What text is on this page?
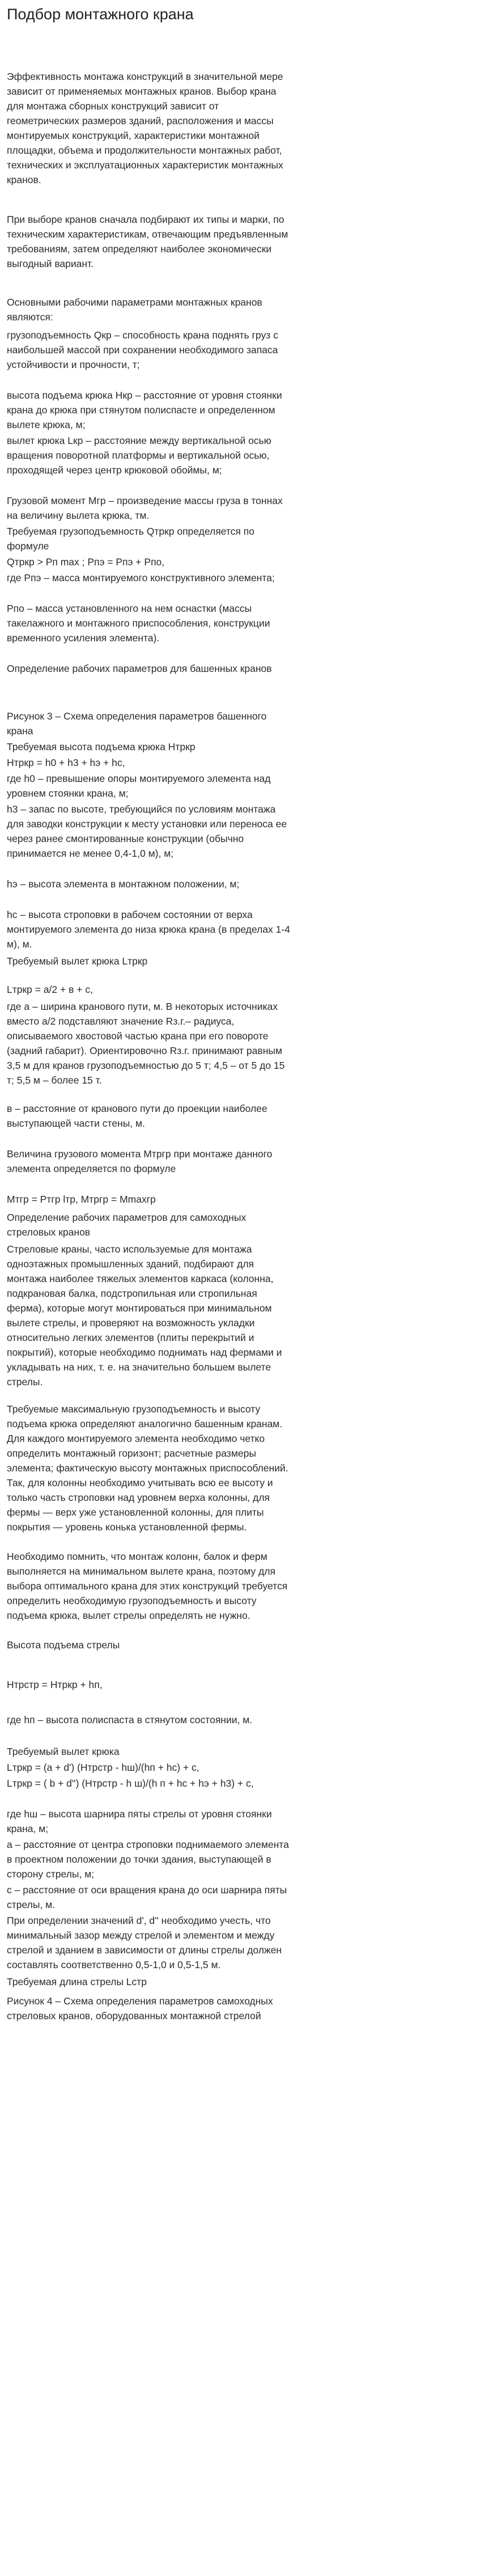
Подбор монтажного крана

Эффективность монтажа конструкций в значительной мере зависит от применяемых монтажных кранов. Выбор крана для монтажа сборных конструкций зависит от геометрических размеров зданий, расположения и массы монтируемых конструкций, характеристики монтажной площадки, объема и продолжительности монтажных работ, технических и эксплуатационных характеристик монтажных кранов.

При выборе кранов сначала подбирают их типы и марки, по техническим характеристикам, отвечающим предъявленным требованиям, затем определяют наиболее экономически выгодный вариант.

Основными рабочими параметрами монтажных кранов являются:

грузоподъемность Qкр – способность крана поднять груз с наибольшей массой при сохранении необходимого запаса устойчивости и прочности, т;

высота подъема крюка Нкр – расстояние от уровня стоянки крана до крюка при стянутом полиспасте и определенном вылете крюка, м;

вылет крюка Lкр – расстояние между вертикальной осью вращения поворотной платформы и вертикальной осью, проходящей через центр крюковой обоймы, м;

Грузовой момент Мгр – произведение массы груза в тоннах на величину вылета крюка, тм.

Требуемая грузоподъемность Qтркр определяется по формуле

Qтркр > Pп max ; Pпэ = Pпэ + Pпо,

где Рпэ – масса монтируемого конструктивного элемента;

Рпо – масса установленного на нем оснастки (массы такелажного и монтажного приспособления, конструкции временного усиления элемента).

Определение рабочих параметров для башенных кранов

Рисунок 3 – Схема определения параметров башенного крана

Требуемая высота подъема крюка Нтркр

Нтркр = h0 + h3 + hэ + hс,

где h0 – превышение опоры монтируемого элемента над уровнем стоянки крана, м;

h3 – запас по высоте, требующийся по условиям монтажа для заводки конструкции к месту установки или переноса ее через ранее смонтированные конструкции (обычно принимается не менее 0,4-1,0 м), м;

hэ – высота элемента в монтажном положении, м;

hс – высота строповки в рабочем состоянии от верха монтируемого элемента до низа крюка крана (в пределах 1-4 м), м.

Требуемый вылет крюка Lтркр

Lтркр = a/2 + в + c,

где а – ширина кранового пути, м. В некоторых источниках вместо a/2 подставляют значение Rз.г.– радиуса, описываемого хвостовой частью крана при его повороте (задний габарит). Ориентировочно Rз.г. принимают равным 3,5 м для кранов грузоподъемностью до 5 т; 4,5 – от 5 до 15 т; 5,5 м – более 15 т.

в – расстояние от кранового пути до проекции наиболее выступающей части стены, м.

Величина грузового момента Мтргр при монтаже данного элемента определяется по формуле

Мтгр = Ртгр lтр, Мтргр = Мmaxгр

Определение рабочих параметров для самоходных стреловых кранов

Стреловые краны, часто используемые для монтажа одноэтажных промышленных зданий, подбирают для монтажа наиболее тяжелых элементов каркаса (колонна, подкрановая балка, подстропильная или стропильная ферма), которые могут монтироваться при минимальном вылете стрелы, и проверяют на возможность укладки относительно легких элементов (плиты перекрытий и покрытий), которые необходимо поднимать над фермами и укладывать на них, т. е. на значительно большем вылете стрелы.

Требуемые максимальную грузоподъемность и высоту подъема крюка определяют аналогично башенным кранам. Для каждого монтируемого элемента необходимо четко определить монтажный горизонт; расчетные размеры элемента; фактическую высоту монтажных приспособлений. Так, для колонны необходимо учитывать всю ее высоту и только часть строповки над уровнем верха колонны, для фермы — верх уже установленной колонны, для плиты покрытия — уровень конька установленной фермы.

Необходимо помнить, что монтаж колонн, балок и ферм выполняется на минимальном вылете крана, поэтому для выбора оптимального крана для этих конструкций требуется определить необходимую грузоподъемность и высоту подъема крюка, вылет стрелы определять не нужно.

Высота подъема стрелы

Нтрстр = Нтркр + hп,

где hп – высота полиспаста в стянутом состоянии, м.

Требуемый вылет крюка

Lтркр = (а + d') (Нтрстр - hш)/(hп + hс) + с,

Lтркр = ( b + d'') (Нтрстр - h ш)/(h п + hс + hэ + h3) + c,

где hш – высота шарнира пяты стрелы от уровня стоянки крана, м;

а – расстояние от центра строповки поднимаемого элемента в проектном положении до точки здания, выступающей в сторону стрелы, м;

с – расстояние от оси вращения крана до оси шарнира пяты стрелы, м.

При определении значений d', d'' необходимо учесть, что минимальный зазор между стрелой и элементом и между стрелой и зданием в зависимости от длины стрелы должен составлять соответственно 0,5-1,0 и 0,5-1,5 м.

Требуемая длина стрелы Lстр

Рисунок 4 – Схема определения параметров самоходных стреловых кранов, оборудованных монтажной стрелой
